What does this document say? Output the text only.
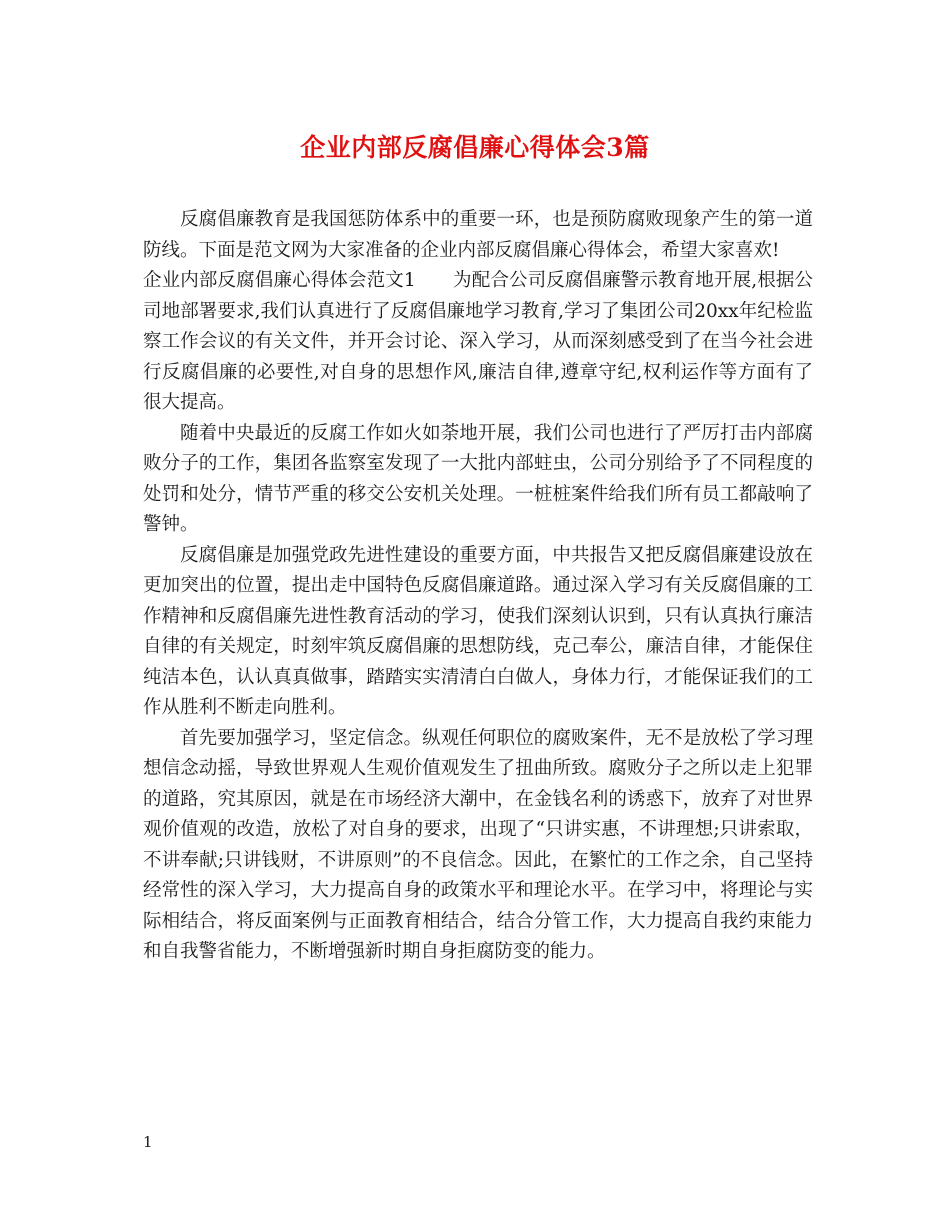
企业内部反腐倡廉心得体会3篇

反腐倡廉教育是我国惩防体系中的重要一环，也是预防腐败现象产生的第一道防线。下面是范文网为大家准备的企业内部反腐倡廉心得体会，希望大家喜欢!

企业内部反腐倡廉心得体会范文1　　为配合公司反腐倡廉警示教育地开展,根据公司地部署要求,我们认真进行了反腐倡廉地学习教育,学习了集团公司20xx年纪检监察工作会议的有关文件，并开会讨论、深入学习，从而深刻感受到了在当今社会进行反腐倡廉的必要性,对自身的思想作风,廉洁自律,遵章守纪,权利运作等方面有了很大提高。

随着中央最近的反腐工作如火如荼地开展，我们公司也进行了严厉打击内部腐败分子的工作，集团各监察室发现了一大批内部蛀虫，公司分别给予了不同程度的处罚和处分，情节严重的移交公安机关处理。一桩桩案件给我们所有员工都敲响了警钟。

反腐倡廉是加强党政先进性建设的重要方面，中共报告又把反腐倡廉建设放在更加突出的位置，提出走中国特色反腐倡廉道路。通过深入学习有关反腐倡廉的工作精神和反腐倡廉先进性教育活动的学习，使我们深刻认识到，只有认真执行廉洁自律的有关规定，时刻牢筑反腐倡廉的思想防线，克己奉公，廉洁自律，才能保住纯洁本色，认认真真做事，踏踏实实清清白白做人，身体力行，才能保证我们的工作从胜利不断走向胜利。

首先要加强学习，坚定信念。纵观任何职位的腐败案件，无不是放松了学习理想信念动摇，导致世界观人生观价值观发生了扭曲所致。腐败分子之所以走上犯罪的道路，究其原因，就是在市场经济大潮中，在金钱名利的诱惑下，放弃了对世界观价值观的改造，放松了对自身的要求，出现了“只讲实惠，不讲理想;只讲索取，不讲奉献;只讲钱财，不讲原则”的不良信念。因此，在繁忙的工作之余，自己坚持经常性的深入学习，大力提高自身的政策水平和理论水平。在学习中，将理论与实际相结合，将反面案例与正面教育相结合，结合分管工作，大力提高自我约束能力和自我警省能力，不断增强新时期自身拒腐防变的能力。

1
